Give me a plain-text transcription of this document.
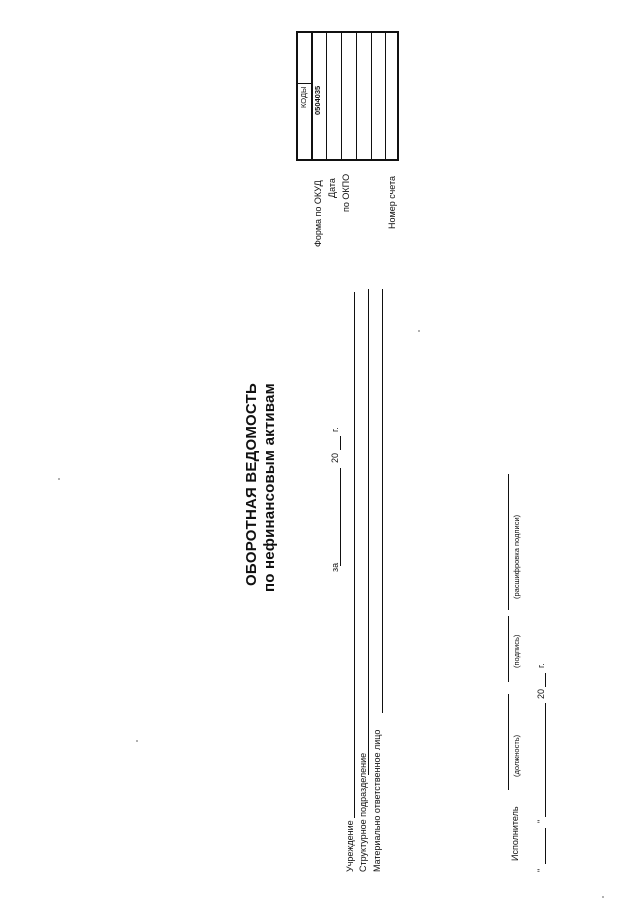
ОБОРОТНАЯ ВЕДОМОСТЬ по нефинансовым активам	за
20
г.
Учреждение Структурное подразделение Материально ответственное лицо
Форма по ОКУД Дата по ОКПО	Номер счета
КОДЫ 0504035
Исполнитель
(должность)
(подпись)
(расшифровка подписи)
"
"
20
г.
